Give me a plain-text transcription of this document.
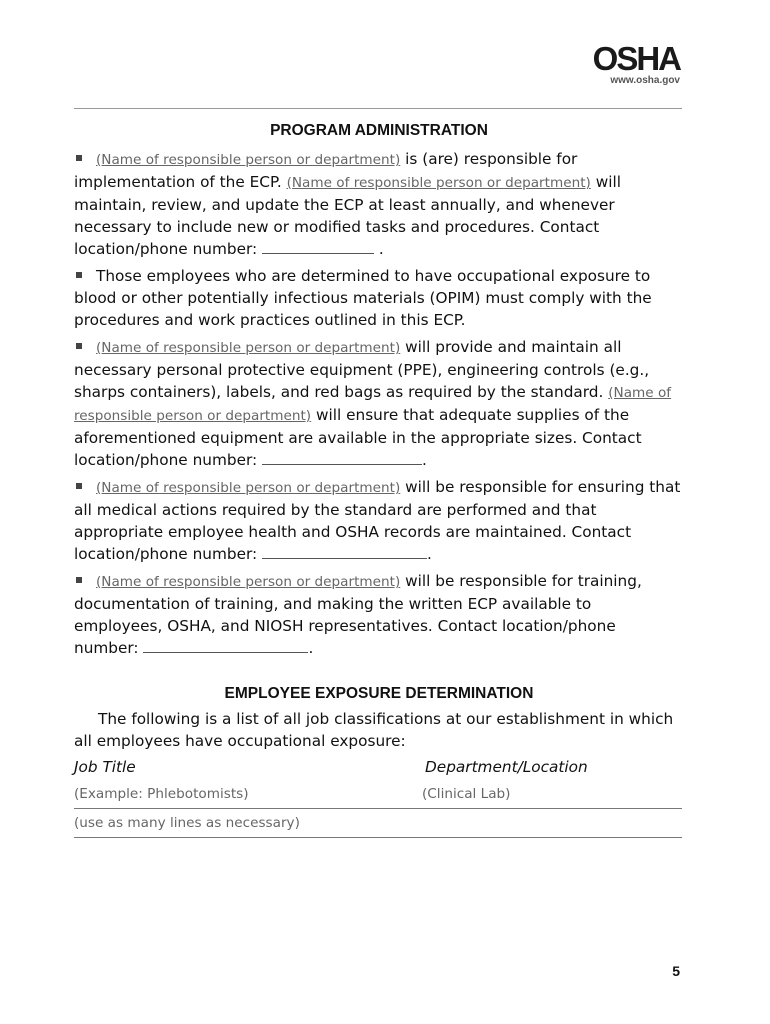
OSHA
www.osha.gov
PROGRAM ADMINISTRATION

(Name of responsible person or department) is (are) responsible for implementation of the ECP. (Name of responsible person or department) will maintain, review, and update the ECP at least annually, and whenever necessary to include new or modified tasks and procedures. Contact location/phone number:	.

Those employees who are determined to have occupational exposure to blood or other potentially infectious materials (OPIM) must comply with the procedures and work practices outlined in this ECP.

(Name of responsible person or department) will provide and maintain all necessary personal protective equipment (PPE), engineering controls (e.g., sharps containers), labels, and red bags as required by the standard. (Name of responsible person or department) will ensure that adequate supplies of the aforementioned equipment are available in the appropriate sizes. Contact location/phone number:	.

(Name of responsible person or department) will be responsible for ensuring that all medical actions required by the standard are performed and that appropriate employee health and OSHA records are maintained. Contact location/phone number:	.

(Name of responsible person or department) will be responsible for training, documentation of training, and making the written ECP available to employees, OSHA, and NIOSH representatives. Contact location/phone number:	.

EMPLOYEE EXPOSURE DETERMINATION

The following is a list of all job classifications at our establishment in which all employees have occupational exposure:

Job Title	Department/Location
(Example: Phlebotomists)	(Clinical Lab)
(use as many lines as necessary)
5
